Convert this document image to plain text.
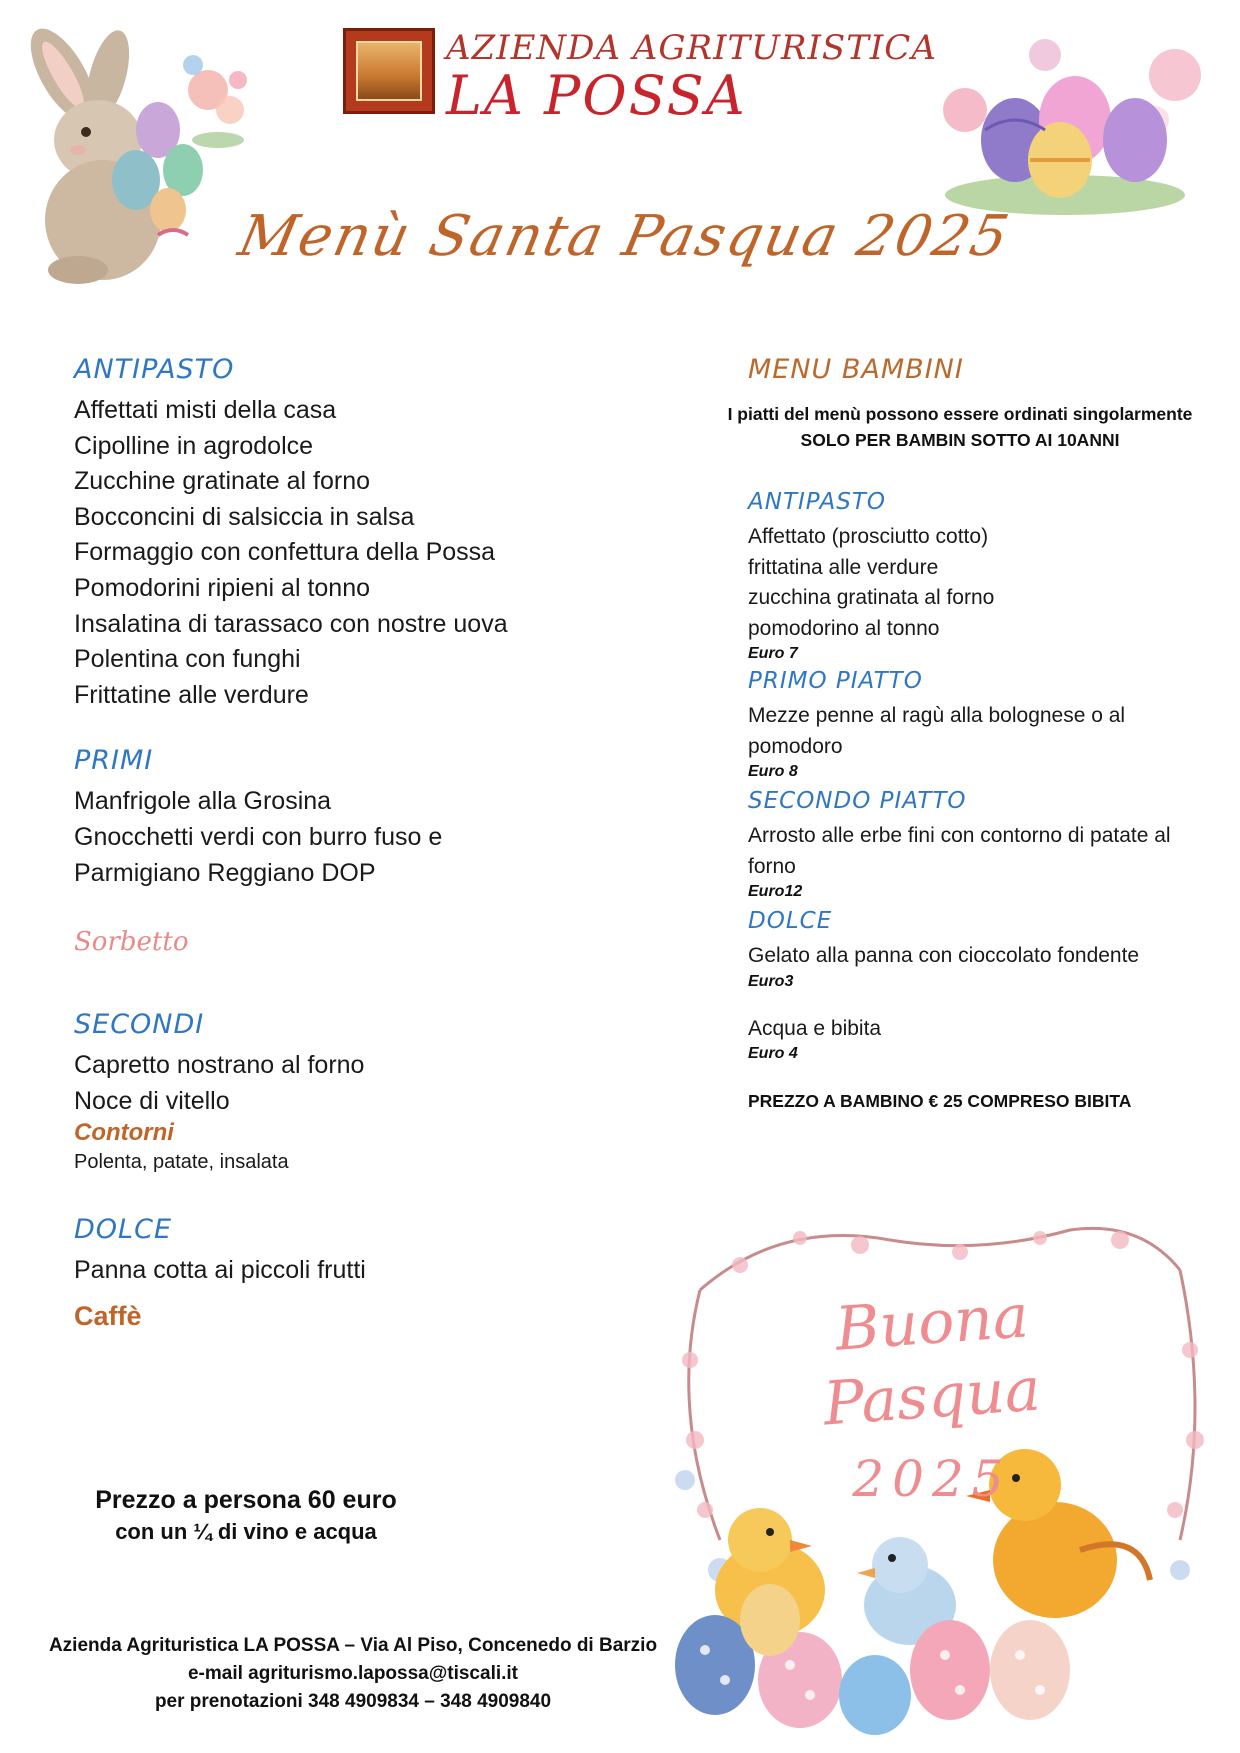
AZIENDA AGRITURISTICA
LA POSSA
Menù Santa Pasqua 2025
ANTIPASTO
Affettati misti della casa
Cipolline in agrodolce
Zucchine gratinate al forno
Bocconcini di salsiccia in salsa
Formaggio con confettura della Possa
Pomodorini ripieni al tonno
Insalatina di tarassaco con nostre uova
Polentina con funghi
Frittatine alle verdure
PRIMI
Manfrigole alla Grosina
Gnocchetti verdi con burro fuso e
Parmigiano Reggiano DOP
Sorbetto
SECONDI
Capretto nostrano al forno
Noce di vitello
Contorni
Polenta, patate, insalata
DOLCE
Panna cotta ai piccoli frutti
Caffè
Prezzo a persona 60 euro
con un ¼ di vino e acqua
MENU BAMBINI
I piatti del menù possono essere ordinati singolarmente
SOLO PER BAMBIN SOTTO AI 10ANNI
ANTIPASTO
Affettato (prosciutto cotto)
frittatina alle verdure
zucchina gratinata al forno
pomodorino al tonno
Euro 7
PRIMO PIATTO
Mezze penne al ragù alla bolognese o al
pomodoro
Euro 8
SECONDO PIATTO
Arrosto alle erbe fini con contorno di patate al
forno
Euro12
DOLCE
Gelato alla panna con cioccolato fondente
Euro3
Acqua e bibita
Euro 4
PREZZO A BAMBINO € 25 COMPRESO BIBITA
Buona
Pasqua
2025
Azienda Agrituristica LA POSSA – Via Al Piso, Concenedo di Barzio
e-mail agriturismo.laposs​a@tiscali.it
per prenotazioni 348 4909834 – 348 4909840
